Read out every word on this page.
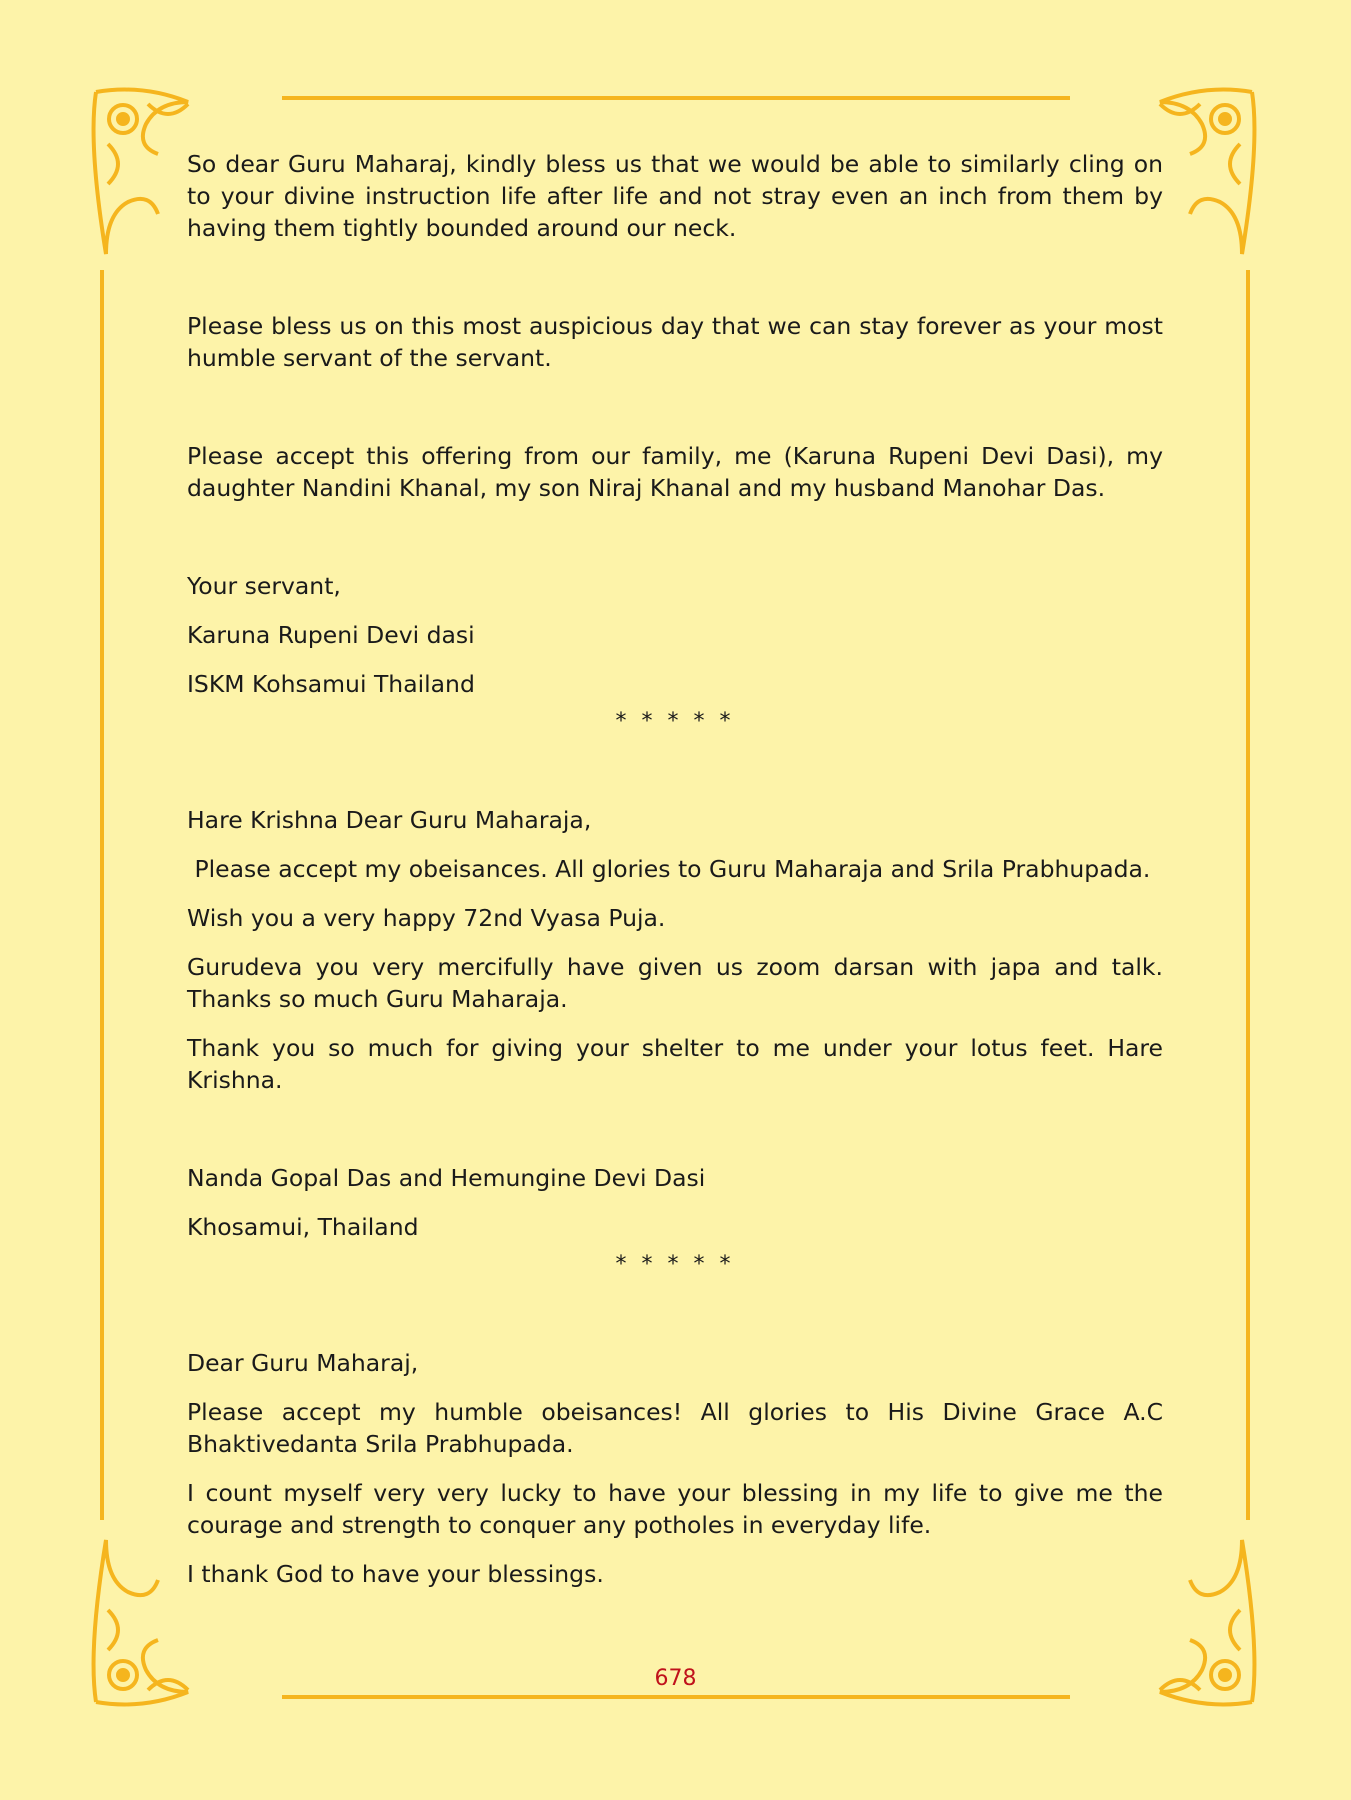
So dear Guru Maharaj, kindly bless us that we would be able to similarly cling on to your divine instruction life after life and not stray even an inch from them by having them tightly bounded around our neck.

Please bless us on this most auspicious day that we can stay forever as your most humble servant of the servant.

Please accept this offering from our family, me (Karuna Rupeni Devi Dasi), my daughter Nandini Khanal, my son Niraj Khanal and my husband Manohar Das.

Your servant,

Karuna Rupeni Devi dasi

ISKM Kohsamui Thailand

* * * * *

Hare Krishna Dear Guru Maharaja,

Please accept my obeisances. All glories to Guru Maharaja and Srila Prabhupada.

Wish you a very happy 72nd Vyasa Puja.

Gurudeva you very mercifully have given us zoom darsan with japa and talk. Thanks so much Guru Maharaja.

Thank you so much for giving your shelter to me under your lotus feet. Hare Krishna.

Nanda Gopal Das and Hemungine Devi Dasi

Khosamui, Thailand

* * * * *

Dear Guru Maharaj,

Please accept my humble obeisances! All glories to His Divine Grace A.C Bhaktivedanta Srila Prabhupada.

I count myself very very lucky to have your blessing in my life to give me the courage and strength to conquer any potholes in everyday life.

I thank God to have your blessings.

678
